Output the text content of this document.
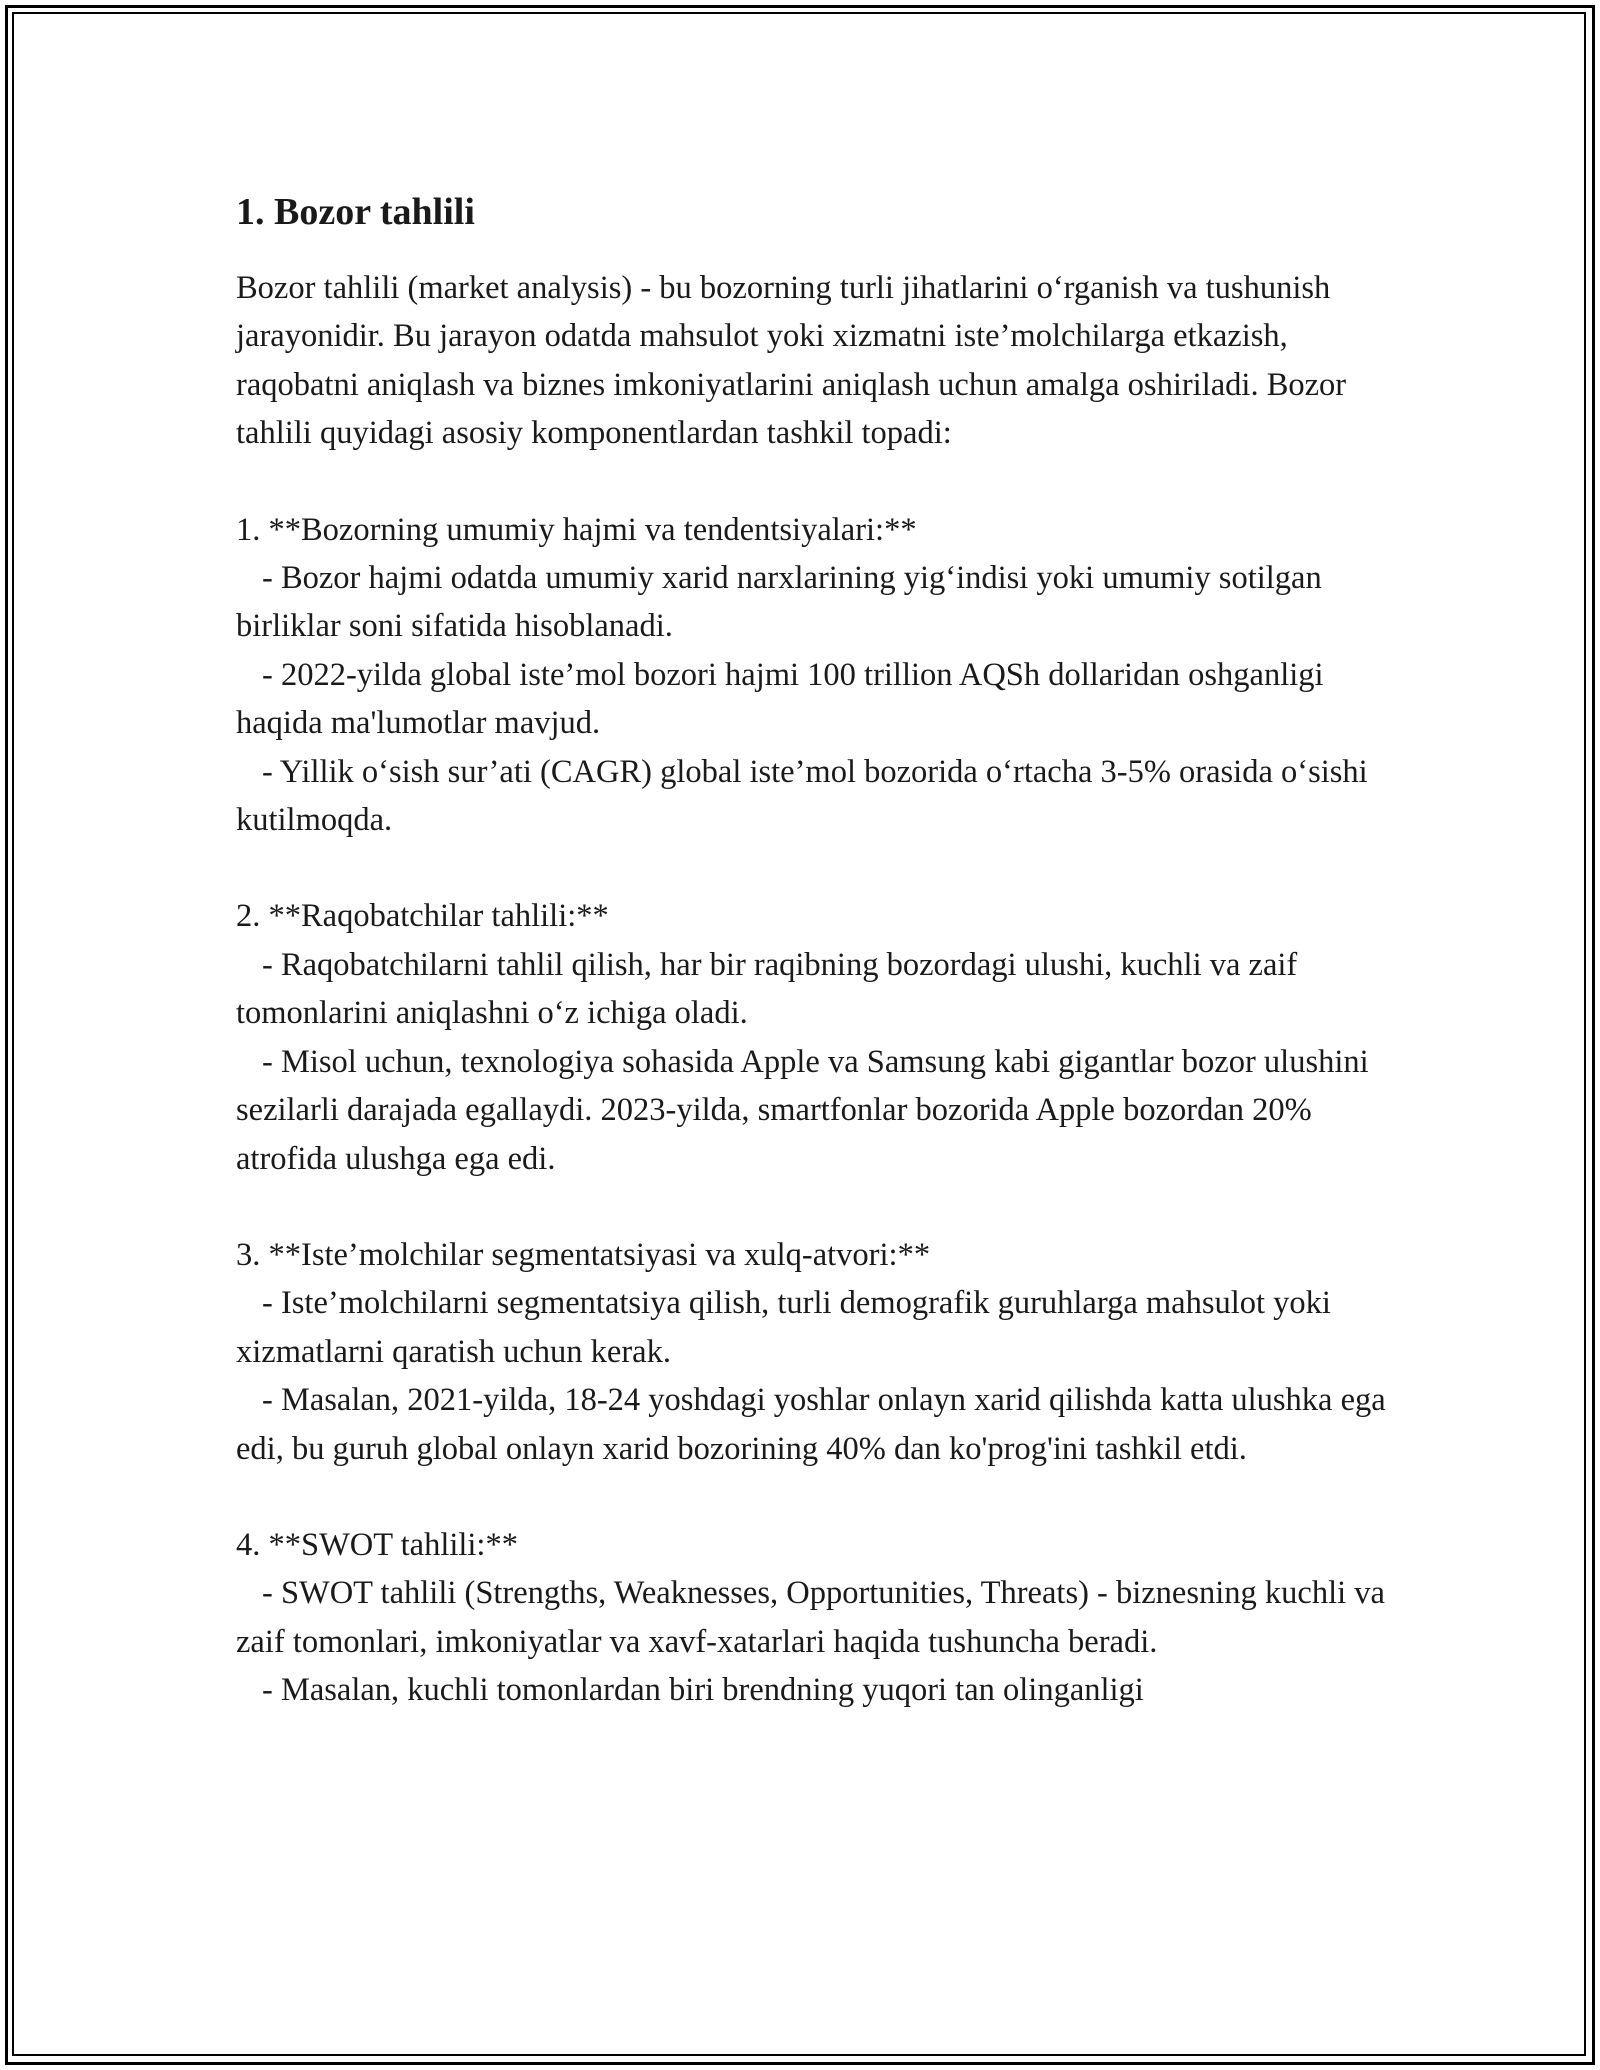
1. Bozor tahlili

Bozor tahlili (market analysis) - bu bozorning turli jihatlarini o‘rganish va tushunish jarayonidir. Bu jarayon odatda mahsulot yoki xizmatni iste’molchilarga etkazish, raqobatni aniqlash va biznes imkoniyatlarini aniqlash uchun amalga oshiriladi. Bozor tahlili quyidagi asosiy komponentlardan tashkil topadi:

1. **Bozorning umumiy hajmi va tendentsiyalari:**

- Bozor hajmi odatda umumiy xarid narxlarining yig‘indisi yoki umumiy sotilgan birliklar soni sifatida hisoblanadi.

- 2022-yilda global iste’mol bozori hajmi 100 trillion AQSh dollaridan oshganligi haqida ma'lumotlar mavjud.

- Yillik o‘sish sur’ati (CAGR) global iste’mol bozorida o‘rtacha 3-5% orasida o‘sishi kutilmoqda.

2. **Raqobatchilar tahlili:**

- Raqobatchilarni tahlil qilish, har bir raqibning bozordagi ulushi, kuchli va zaif tomonlarini aniqlashni o‘z ichiga oladi.

- Misol uchun, texnologiya sohasida Apple va Samsung kabi gigantlar bozor ulushini sezilarli darajada egallaydi. 2023-yilda, smartfonlar bozorida Apple bozordan 20% atrofida ulushga ega edi.

3. **Iste’molchilar segmentatsiyasi va xulq-atvori:**

- Iste’molchilarni segmentatsiya qilish, turli demografik guruhlarga mahsulot yoki xizmatlarni qaratish uchun kerak.

- Masalan, 2021-yilda, 18-24 yoshdagi yoshlar onlayn xarid qilishda katta ulushka ega edi, bu guruh global onlayn xarid bozorining 40% dan ko'prog'ini tashkil etdi.

4. **SWOT tahlili:**

- SWOT tahlili (Strengths, Weaknesses, Opportunities, Threats) - biznesning kuchli va zaif tomonlari, imkoniyatlar va xavf-xatarlari haqida tushuncha beradi.

- Masalan, kuchli tomonlardan biri brendning yuqori tan olinganligi
